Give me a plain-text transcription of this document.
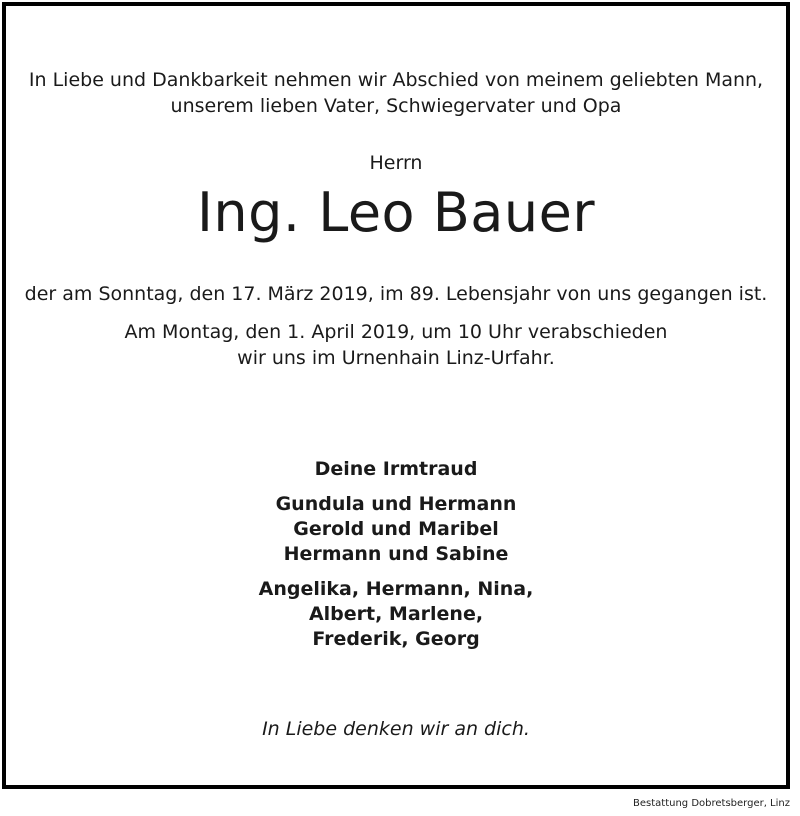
In Liebe und Dankbarkeit nehmen wir Abschied von meinem geliebten Mann,
unserem lieben Vater, Schwiegervater und Opa
Herrn
Ing. Leo Bauer
der am Sonntag, den 17. März 2019, im 89. Lebensjahr von uns gegangen ist.
Am Montag, den 1. April 2019, um 10 Uhr verabschieden
wir uns im Urnenhain Linz-Urfahr.
Deine Irmtraud
Gundula und Hermann
Gerold und Maribel
Hermann und Sabine
Angelika, Hermann, Nina,
Albert, Marlene,
Frederik, Georg
In Liebe denken wir an dich.
Bestattung Dobretsberger, Linz
